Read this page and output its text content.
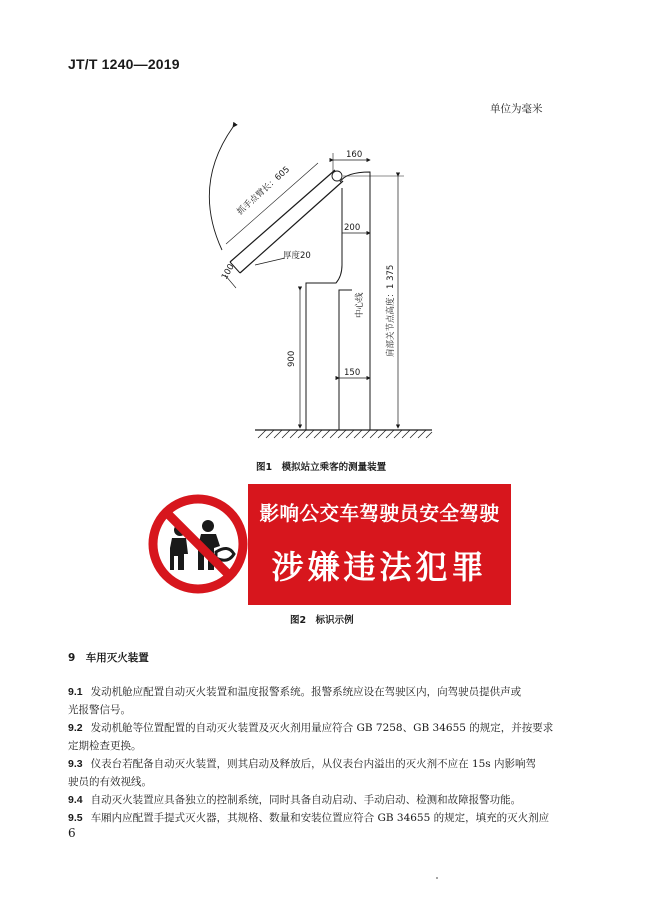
JT/T 1240—2019
单位为毫米
160
200
150
厚度20
900
中心线 肩部关节点高度：1 375
抓手点臂长：605
100
图1　模拟站立乘客的测量装置
影响公交车驾驶员安全驾驶
涉嫌违法犯罪
图2　标识示例
9　车用灭火装置
9.1 发动机舱应配置自动灭火装置和温度报警系统。报警系统应设在驾驶区内，向驾驶员提供声或
光报警信号。
9.2 发动机舱等位置配置的自动灭火装置及灭火剂用量应符合 GB 7258、GB 34655 的规定，并按要求
定期检查更换。
9.3 仪表台若配备自动灭火装置，则其启动及释放后，从仪表台内溢出的灭火剂不应在 15s 内影响驾
驶员的有效视线。
9.4 自动灭火装置应具备独立的控制系统，同时具备自动启动、手动启动、检测和故障报警功能。
9.5 车厢内应配置手提式灭火器，其规格、数量和安装位置应符合 GB 34655 的规定，填充的灭火剂应
6
